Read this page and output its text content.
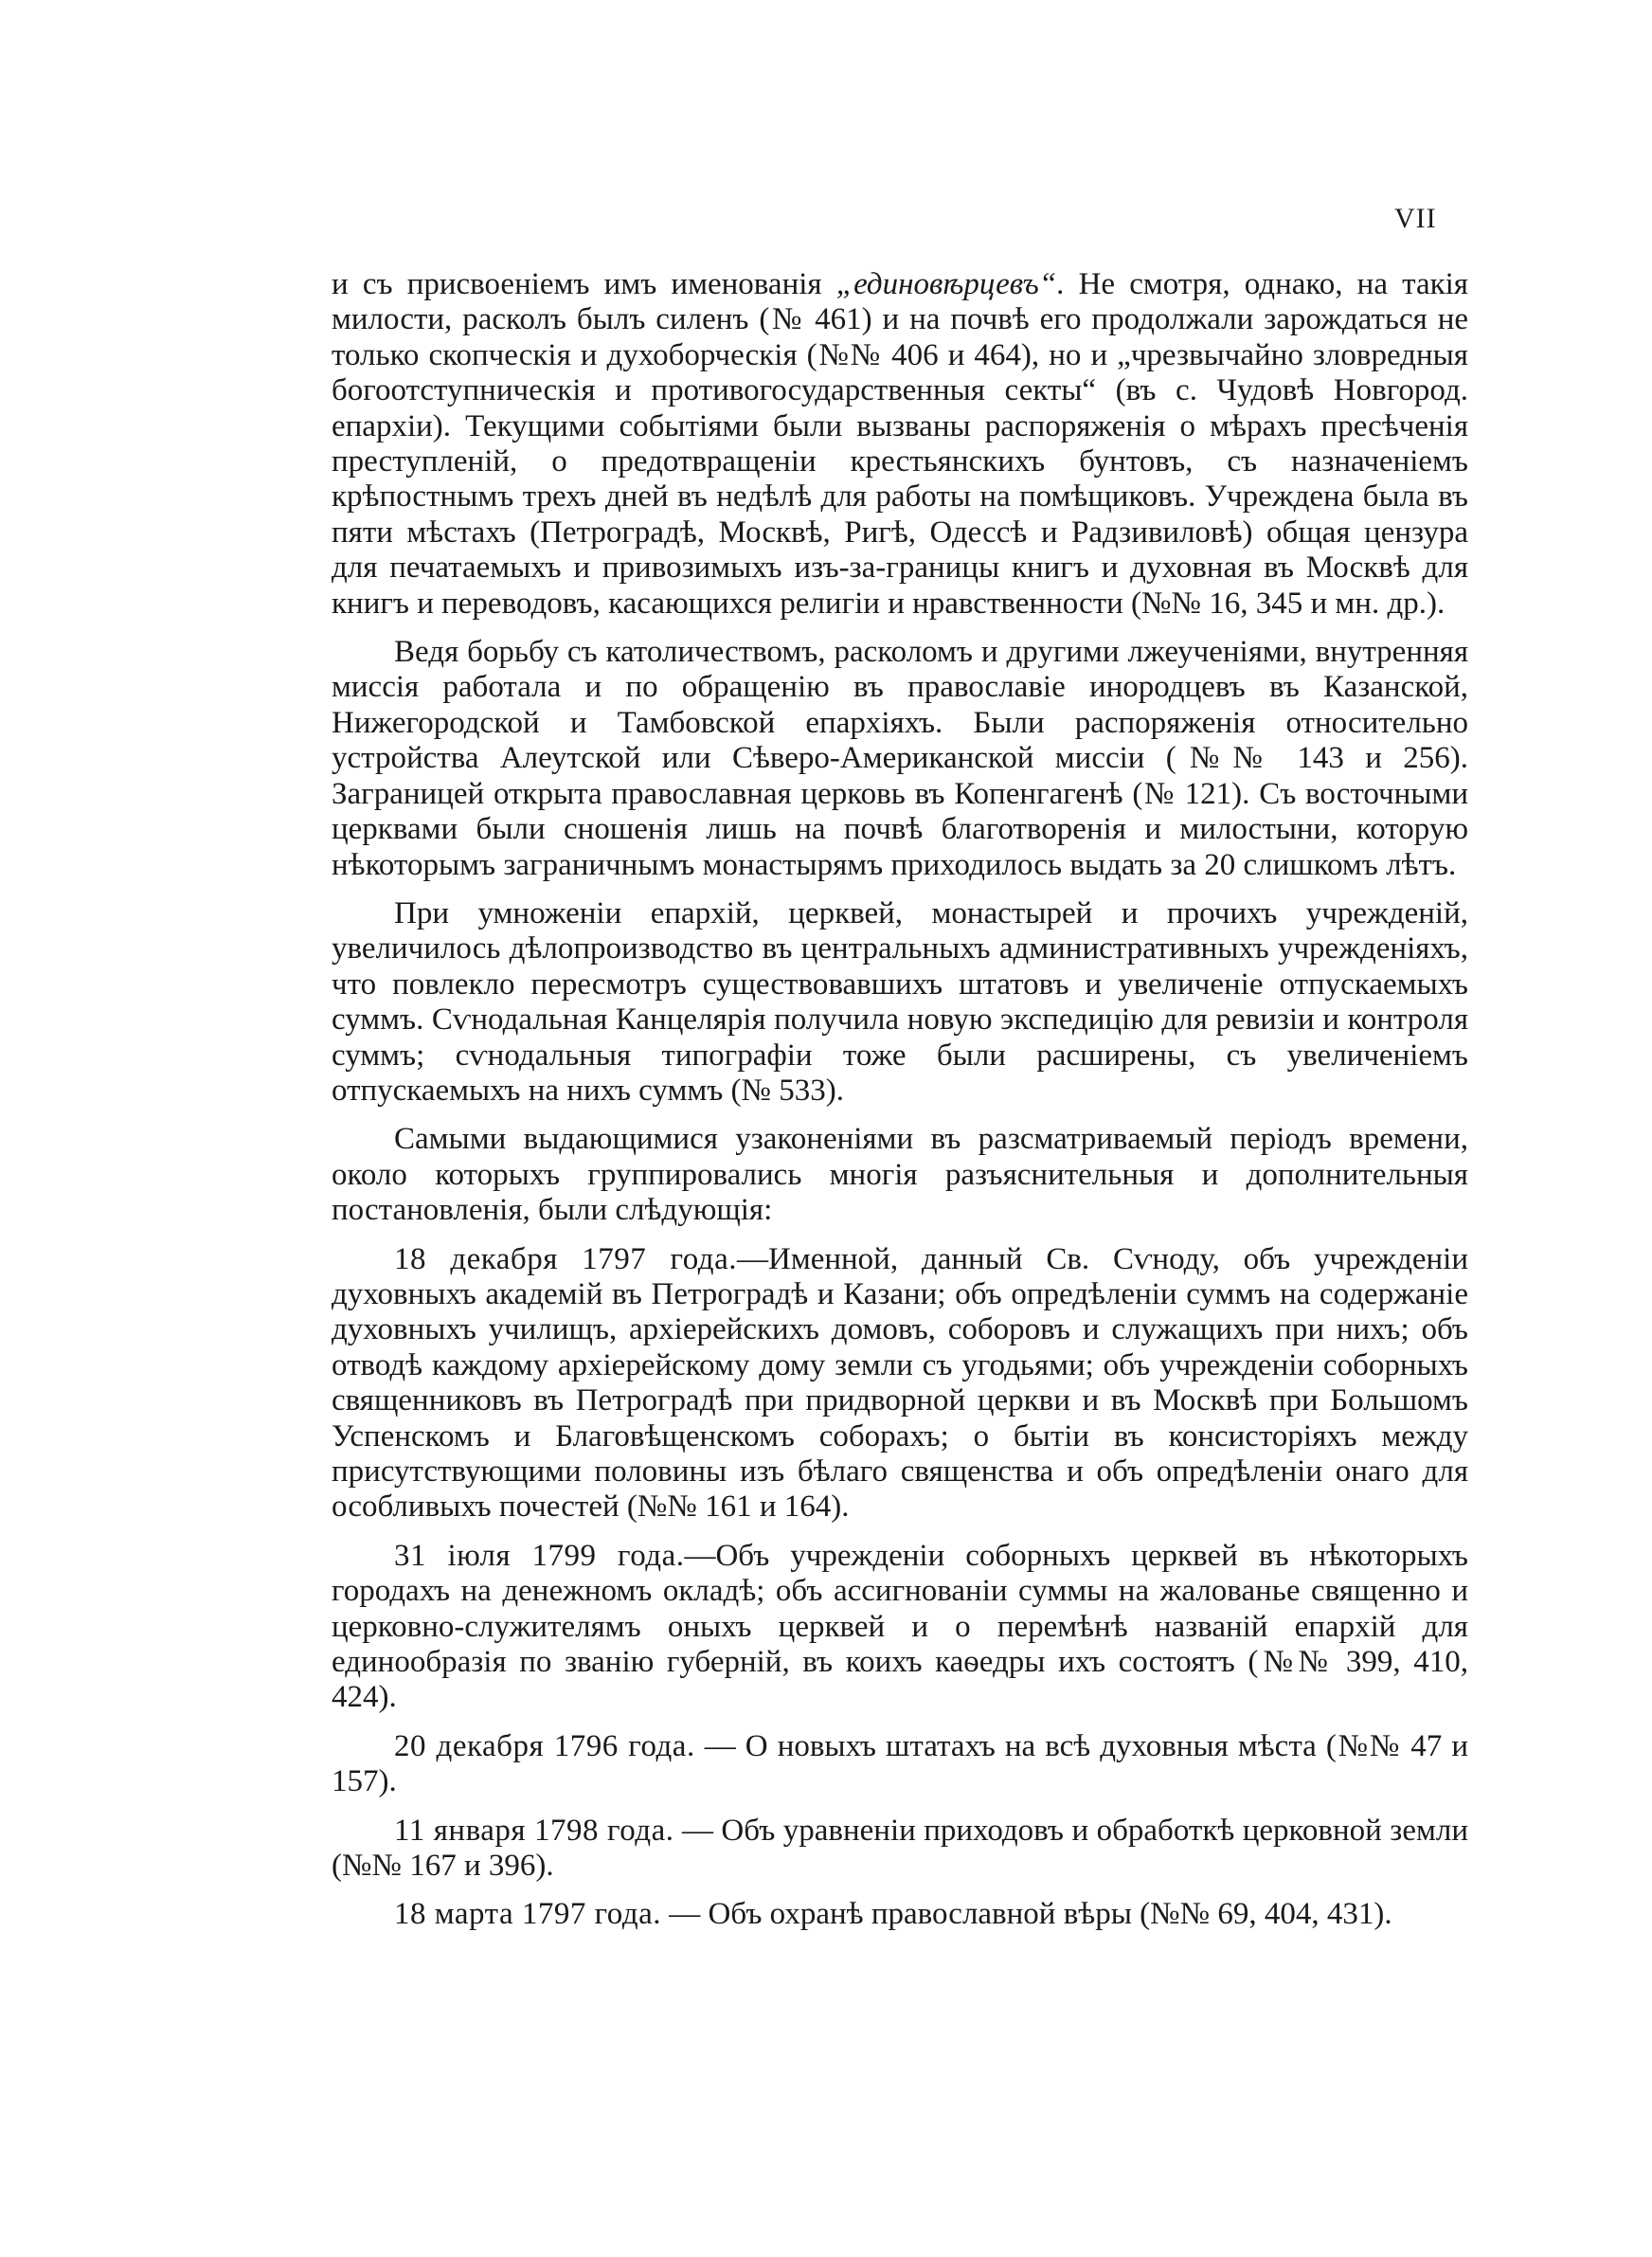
VII

и съ присвоеніемъ имъ именованія „единовѣрцевъ“. Не смотря, однако, на такія милости, расколъ былъ силенъ (№ 461) и на почвѣ его продолжали зарождаться не только скопческія и духоборческія (№№ 406 и 464), но и „чрезвычайно зловредныя богоотступническія и противогосударственныя секты“ (въ с. Чудовѣ Новгород. епархіи). Текущими событіями были вызваны распоряженія о мѣрахъ пресѣченія преступленій, о предотвращеніи крестьянскихъ бунтовъ, съ назначеніемъ крѣпостнымъ трехъ дней въ недѣлѣ для работы на помѣщиковъ. Учреждена была въ пяти мѣстахъ (Петроградѣ, Москвѣ, Ригѣ, Одессѣ и Радзивиловѣ) общая цензура для печатаемыхъ и привозимыхъ изъ-за-границы книгъ и духовная въ Москвѣ для книгъ и переводовъ, касающихся религіи и нравственности (№№ 16, 345 и мн. др.).

Ведя борьбу съ католичествомъ, расколомъ и другими лжеученіями, внутренняя миссія работала и по обращенію въ православіе инородцевъ въ Казанской, Нижегородской и Тамбовской епархіяхъ. Были распоряженія относительно устройства Алеутской или Сѣверо-Американской миссіи (№№ 143 и 256). Заграницей открыта православная церковь въ Копенгагенѣ (№ 121). Съ восточными церквами были сношенія лишь на почвѣ благотворенія и милостыни, которую нѣкоторымъ заграничнымъ монастырямъ приходилось выдать за 20 слишкомъ лѣтъ.

При умноженіи епархій, церквей, монастырей и прочихъ учрежденій, увеличилось дѣлопроизводство въ центральныхъ административныхъ учрежденіяхъ, что повлекло пересмотръ существовавшихъ штатовъ и увеличеніе отпускаемыхъ суммъ. Сѵнодальная Канцелярія получила новую экспедицію для ревизіи и контроля суммъ; сѵнодальныя типографіи тоже были расширены, съ увеличеніемъ отпускаемыхъ на нихъ суммъ (№ 533).

Самыми выдающимися узаконеніями въ разсматриваемый періодъ времени, около которыхъ группировались многія разъяснительныя и дополнительныя постановленія, были слѣдующія:

18 декабря 1797 года.—Именной, данный Св. Сѵноду, объ учрежденіи духовныхъ академій въ Петроградѣ и Казани; объ опредѣленіи суммъ на содержаніе духовныхъ училищъ, архіерейскихъ домовъ, соборовъ и служащихъ при нихъ; объ отводѣ каждому архіерейскому дому земли съ угодьями; объ учрежденіи соборныхъ священниковъ въ Петроградѣ при придворной церкви и въ Москвѣ при Большомъ Успенскомъ и Благовѣщенскомъ соборахъ; о бытіи въ консисторіяхъ между присутствующими половины изъ бѣлаго священства и объ опредѣленіи онаго для особливыхъ почестей (№№ 161 и 164).

31 іюля 1799 года.—Объ учрежденіи соборныхъ церквей въ нѣкоторыхъ городахъ на денежномъ окладѣ; объ ассигнованіи суммы на жалованье священно и церковно-служителямъ оныхъ церквей и о перемѣнѣ названій епархій для единообразія по званію губерній, въ коихъ каѳедры ихъ состоятъ (№№ 399, 410, 424).

20 декабря 1796 года. — О новыхъ штатахъ на всѣ духовныя мѣста (№№ 47 и 157).

11 января 1798 года. — Объ уравненіи приходовъ и обработкѣ церковной земли (№№ 167 и 396).

18 марта 1797 года. — Объ охранѣ православной вѣры (№№ 69, 404, 431).
